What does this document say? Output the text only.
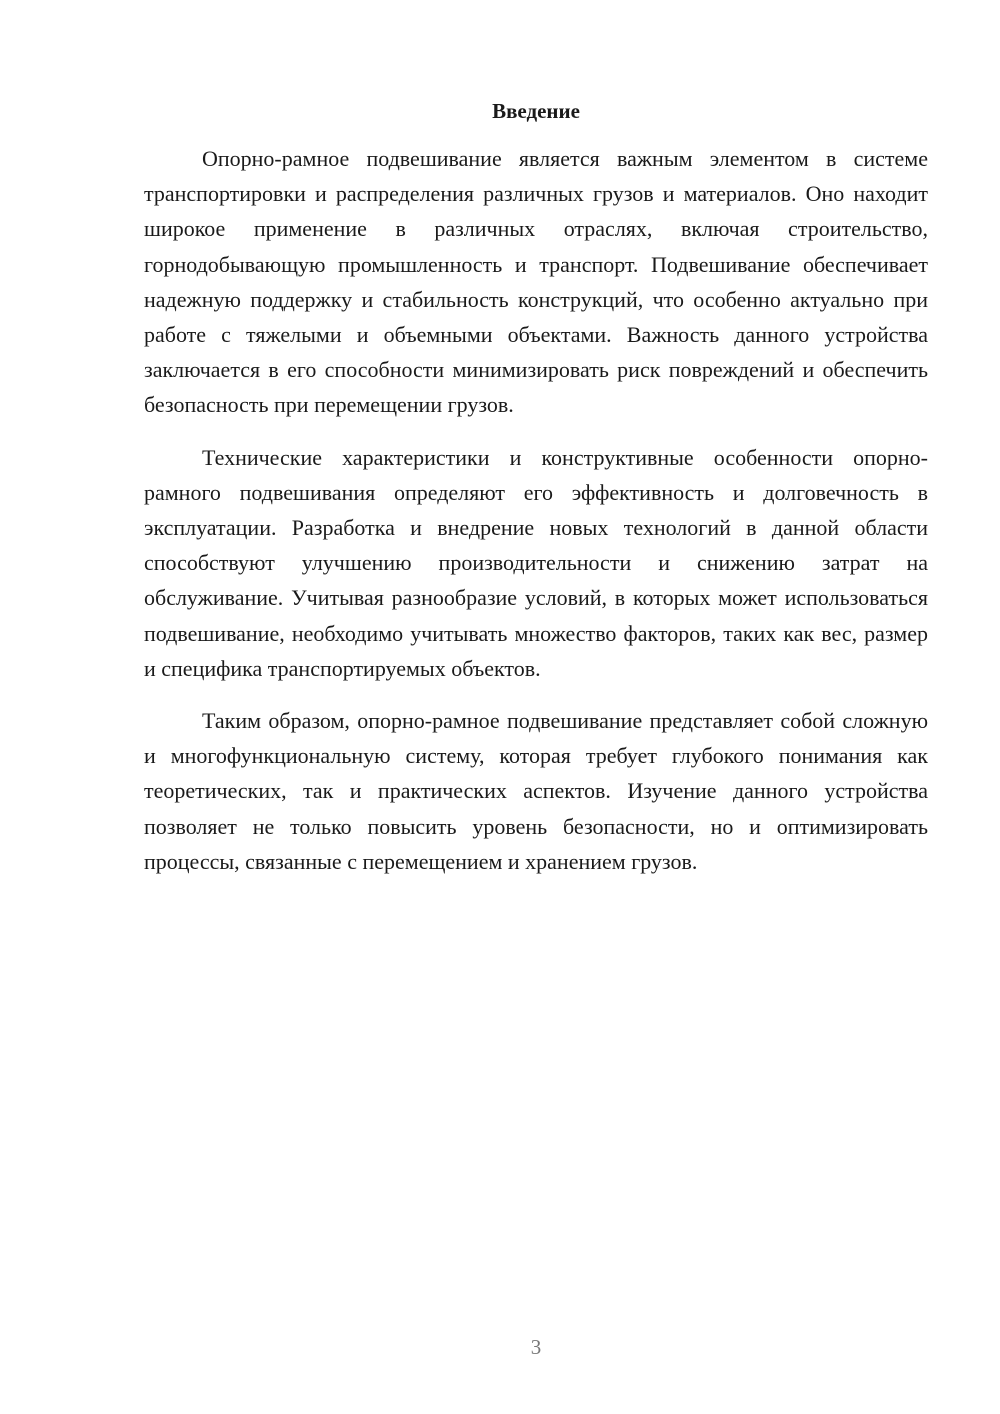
Введение

Опорно-рамное подвешивание является важным элементом в системе транспортировки и распределения различных грузов и материалов. Оно находит широкое применение в различных отраслях, включая строительство, горнодобывающую промышленность и транспорт. Подвешивание обеспечивает надежную поддержку и стабильность конструкций, что особенно актуально при работе с тяжелыми и объемными объектами. Важность данного устройства заключается в его способности минимизировать риск повреждений и обеспечить безопасность при перемещении грузов.

Технические характеристики и конструктивные особенности опорно-рамного подвешивания определяют его эффективность и долговечность в эксплуатации. Разработка и внедрение новых технологий в данной области способствуют улучшению производительности и снижению затрат на обслуживание. Учитывая разнообразие условий, в которых может использоваться подвешивание, необходимо учитывать множество факторов, таких как вес, размер и специфика транспортируемых объектов.

Таким образом, опорно-рамное подвешивание представляет собой сложную и многофункциональную систему, которая требует глубокого понимания как теоретических, так и практических аспектов. Изучение данного устройства позволяет не только повысить уровень безопасности, но и оптимизировать процессы, связанные с перемещением и хранением грузов.

3
